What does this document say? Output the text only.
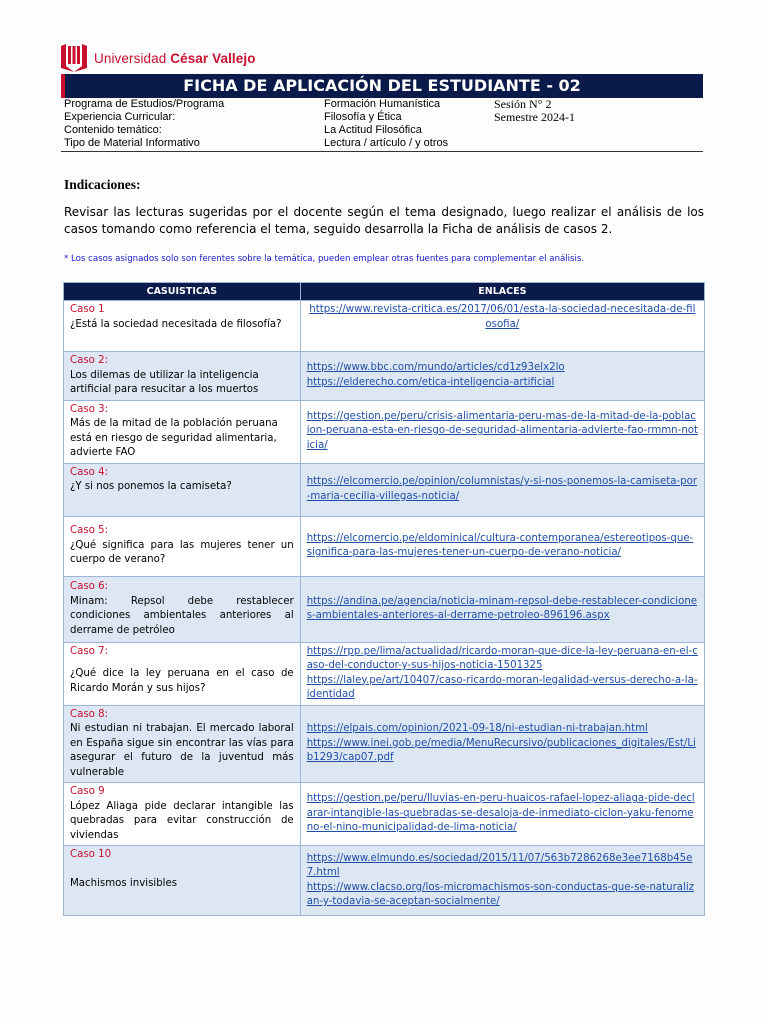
Universidad César Vallejo
FICHA DE APLICACIÓN DEL ESTUDIANTE - 02
Programa de Estudios/Programa	Formación Humanística	Sesión N° 2
Experiencia Curricular:	Filosofía y Ética	Semestre 2024-1
Contenido temático:	La Actitud Filosófica
Tipo de Material Informativo	Lectura / artículo / y otros
Indicaciones:
Revisar las lecturas sugeridas por el docente según el tema designado, luego realizar el análisis de los casos tomando como referencia el tema, seguido desarrolla la Ficha de análisis de casos 2.
* Los casos asignados solo son ferentes sobre la temática, pueden emplear otras fuentes para complementar el análisis.
CASUISTICAS	ENLACES

Caso 1
¿Está la sociedad necesitada de filosofía?	https://www.revista-critica.es/2017/06/01/esta-la-sociedad-necesitada-de-filosofia/

Caso 2:
Los dilemas de utilizar la inteligencia artificial para resucitar a los muertos	https://www.bbc.com/mundo/articles/cd1z93elx2lo
https://elderecho.com/etica-inteligencia-artificial

Caso 3:
Más de la mitad de la población peruana está en riesgo de seguridad alimentaria, advierte FAO	https://gestion.pe/peru/crisis-alimentaria-peru-mas-de-la-mitad-de-la-poblacion-peruana-esta-en-riesgo-de-seguridad-alimentaria-advierte-fao-rmmn-noticia/

Caso 4:
¿Y si nos ponemos la camiseta?	https://elcomercio.pe/opinion/columnistas/y-si-nos-ponemos-la-camiseta-por-maria-cecilia-villegas-noticia/

Caso 5:
¿Qué significa para las mujeres tener un cuerpo de verano?	https://elcomercio.pe/eldominical/cultura-contemporanea/estereotipos-que-significa-para-las-mujeres-tener-un-cuerpo-de-verano-noticia/

Caso 6:
Minam: Repsol debe restablecer condiciones ambientales anteriores al derrame de petróleo	https://andina.pe/agencia/noticia-minam-repsol-debe-restablecer-condiciones-ambientales-anteriores-al-derrame-petroleo-896196.aspx

Caso 7:
¿Qué dice la ley peruana en el caso de Ricardo Morán y sus hijos?	https://rpp.pe/lima/actualidad/ricardo-moran-que-dice-la-ley-peruana-en-el-caso-del-conductor-y-sus-hijos-noticia-1501325
https://laley.pe/art/10407/caso-ricardo-moran-legalidad-versus-derecho-a-la-identidad

Caso 8:
Ni estudian ni trabajan. El mercado laboral en España sigue sin encontrar las vías para asegurar el futuro de la juventud más vulnerable	https://elpais.com/opinion/2021-09-18/ni-estudian-ni-trabajan.html
https://www.inei.gob.pe/media/MenuRecursivo/publicaciones_digitales/Est/Lib1293/cap07.pdf

Caso 9
López Aliaga pide declarar intangible las quebradas para evitar construcción de viviendas	https://gestion.pe/peru/lluvias-en-peru-huaicos-rafael-lopez-aliaga-pide-declarar-intangible-las-quebradas-se-desaloja-de-inmediato-ciclon-yaku-fenomeno-el-nino-municipalidad-de-lima-noticia/

Caso 10
Machismos invisibles	https://www.elmundo.es/sociedad/2015/11/07/563b7286268e3ee7168b45e7.html
https://www.clacso.org/los-micromachismos-son-conductas-que-se-naturalizan-y-todavia-se-aceptan-socialmente/
